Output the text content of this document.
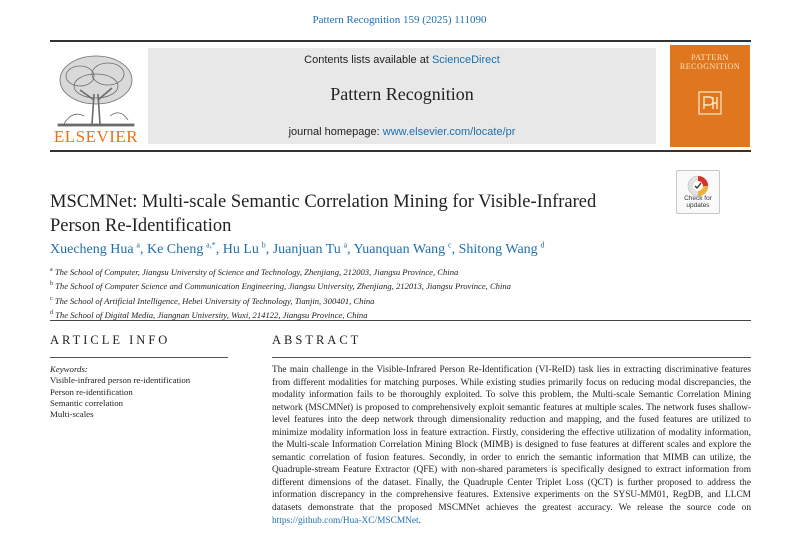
Pattern Recognition 159 (2025) 111090
ELSEVIER
Contents lists available at ScienceDirect
Pattern Recognition
journal homepage: www.elsevier.com/locate/pr
PATTERN
RECOGNITION
MSCMNet: Multi-scale Semantic Correlation Mining for Visible-Infrared Person Re-Identification
Check for
updates
Xuecheng Hua  $^a$, Ke Cheng  $^{a,*}$, Hu Lu  $^b$, Juanjuan Tu  $^a$, Yuanquan Wang  $^c$, Shitong Wang  $^d$
$^a$ The School of Computer, Jiangsu University of Science and Technology, Zhenjiang, 212003, Jiangsu Province, China
$^b$ The School of Computer Science and Communication Engineering, Jiangsu University, Zhenjiang, 212013, Jiangsu Province, China
$^c$ The School of Artificial Intelligence, Hebei University of Technology, Tianjin, 300401, China
$^d$ The School of Digital Media, Jiangnan University, Wuxi, 214122, Jiangsu Province, China
ARTICLE INFO	ABSTRACT
Keywords:
Visible-infrared person re-identification
Person re-identification
Semantic correlation
Multi-scales
The main challenge in the Visible-Infrared Person Re-Identification (VI-ReID) task lies in extracting discriminative features from different modalities for matching purposes. While existing studies primarily focus on reducing modal discrepancies, the modality information fails to be thoroughly exploited. To solve this problem, the Multi-scale Semantic Correlation Mining network (MSCMNet) is proposed to comprehensively exploit semantic features at multiple scales. The network fuses shallow-level features into the deep network through dimensionality reduction and mapping, and the fused features are utilized to minimize modality information loss in feature extraction. Firstly, considering the effective utilization of modality information, the Multi-scale Information Correlation Mining Block (MIMB) is designed to fuse features at different scales and explore the semantic correlation of fusion features. Secondly, in order to enrich the semantic information that MIMB can utilize, the Quadruple-stream Feature Extractor (QFE) with non-shared parameters is specifically designed to extract information from different dimensions of the dataset. Finally, the Quadruple Center Triplet Loss (QCT) is further proposed to address the information discrepancy in the comprehensive features. Extensive experiments on the SYSU-MM01, RegDB, and LLCM datasets demonstrate that the proposed MSCMNet achieves the greatest accuracy. We release the source code on https://github.com/Hua-XC/MSCMNet.
